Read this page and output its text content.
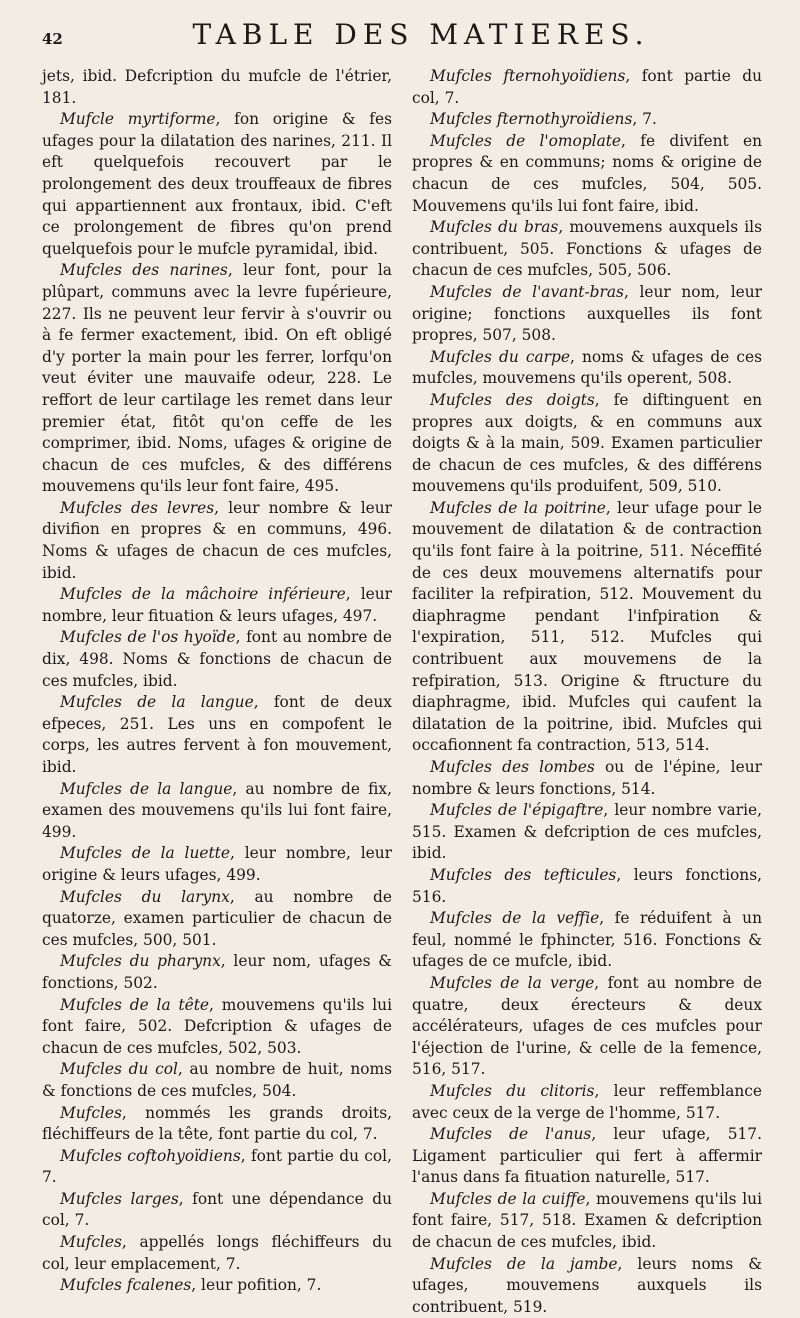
42	TABLE DES MATIERES.

jets, ibid. Defcription du mufcle de l'étrier, 181.

Mufcle myrtiforme, fon origine & fes ufages pour la dilatation des narines, 211. Il eft quelquefois recouvert par le prolongement des deux trouffeaux de fibres qui appartiennent aux frontaux, ibid. C'eft ce prolongement de fibres qu'on prend quelquefois pour le mufcle pyramidal, ibid.

Mufcles des narines, leur font, pour la plûpart, communs avec la levre fupérieure, 227. Ils ne peuvent leur fervir à s'ouvrir ou à fe fermer exactement, ibid. On eft obligé d'y porter la main pour les ferrer, lorfqu'on veut éviter une mauvaife odeur, 228. Le reffort de leur cartilage les remet dans leur premier état, fitôt qu'on ceffe de les comprimer, ibid. Noms, ufages & origine de chacun de ces mufcles, & des différens mouvemens qu'ils leur font faire, 495.

Mufcles des levres, leur nombre & leur divifion en propres & en communs, 496. Noms & ufages de chacun de ces mufcles, ibid.

Mufcles de la mâchoire inférieure, leur nombre, leur fituation & leurs ufages, 497.

Mufcles de l'os hyoïde, font au nombre de dix, 498. Noms & fonctions de chacun de ces mufcles, ibid.

Mufcles de la langue, font de deux efpeces, 251. Les uns en compofent le corps, les autres fervent à fon mouvement, ibid.

Mufcles de la langue, au nombre de fix, examen des mouvemens qu'ils lui font faire, 499.

Mufcles de la luette, leur nombre, leur origine & leurs ufages, 499.

Mufcles du larynx, au nombre de quatorze, examen particulier de chacun de ces mufcles, 500, 501.

Mufcles du pharynx, leur nom, ufages & fonctions, 502.

Mufcles de la tête, mouvemens qu'ils lui font faire, 502. Defcription & ufages de chacun de ces mufcles, 502, 503.

Mufcles du col, au nombre de huit, noms & fonctions de ces mufcles, 504.

Mufcles, nommés les grands droits, fléchiffeurs de la tête, font partie du col, 7.

Mufcles coftohyoïdiens, font partie du col, 7.

Mufcles larges, font une dépendance du col, 7.

Mufcles, appellés longs fléchiffeurs du col, leur emplacement, 7.

Mufcles fcalenes, leur pofition, 7.

Mufcles fternohyoïdiens, font partie du col, 7.

Mufcles fternothyroïdiens, 7.

Mufcles de l'omoplate, fe divifent en propres & en communs; noms & origine de chacun de ces mufcles, 504, 505. Mouvemens qu'ils lui font faire, ibid.

Mufcles du bras, mouvemens auxquels ils contribuent, 505. Fonctions & ufages de chacun de ces mufcles, 505, 506.

Mufcles de l'avant-bras, leur nom, leur origine; fonctions auxquelles ils font propres, 507, 508.

Mufcles du carpe, noms & ufages de ces mufcles, mouvemens qu'ils operent, 508.

Mufcles des doigts, fe diftinguent en propres aux doigts, & en communs aux doigts & à la main, 509. Examen particulier de chacun de ces mufcles, & des différens mouvemens qu'ils produifent, 509, 510.

Mufcles de la poitrine, leur ufage pour le mouvement de dilatation & de contraction qu'ils font faire à la poitrine, 511. Néceffité de ces deux mouvemens alternatifs pour faciliter la refpiration, 512. Mouvement du diaphragme pendant l'infpiration & l'expiration, 511, 512. Mufcles qui contribuent aux mouvemens de la refpiration, 513. Origine & ftructure du diaphragme, ibid. Mufcles qui caufent la dilatation de la poitrine, ibid. Mufcles qui occafionnent fa contraction, 513, 514.

Mufcles des lombes ou de l'épine, leur nombre & leurs fonctions, 514.

Mufcles de l'épigaftre, leur nombre varie, 515. Examen & defcription de ces mufcles, ibid.

Mufcles des tefticules, leurs fonctions, 516.

Mufcles de la veffie, fe réduifent à un feul, nommé le fphincter, 516. Fonctions & ufages de ce mufcle, ibid.

Mufcles de la verge, font au nombre de quatre, deux érecteurs & deux accélérateurs, ufages de ces mufcles pour l'éjection de l'urine, & celle de la femence, 516, 517.

Mufcles du clitoris, leur reffemblance avec ceux de la verge de l'homme, 517.

Mufcles de l'anus, leur ufage, 517. Ligament particulier qui fert à affermir l'anus dans fa fituation naturelle, 517.

Mufcles de la cuiffe, mouvemens qu'ils lui font faire, 517, 518. Examen & defcription de chacun de ces mufcles, ibid.

Mufcles de la jambe, leurs noms & ufages, mouvemens auxquels ils contribuent, 519.
